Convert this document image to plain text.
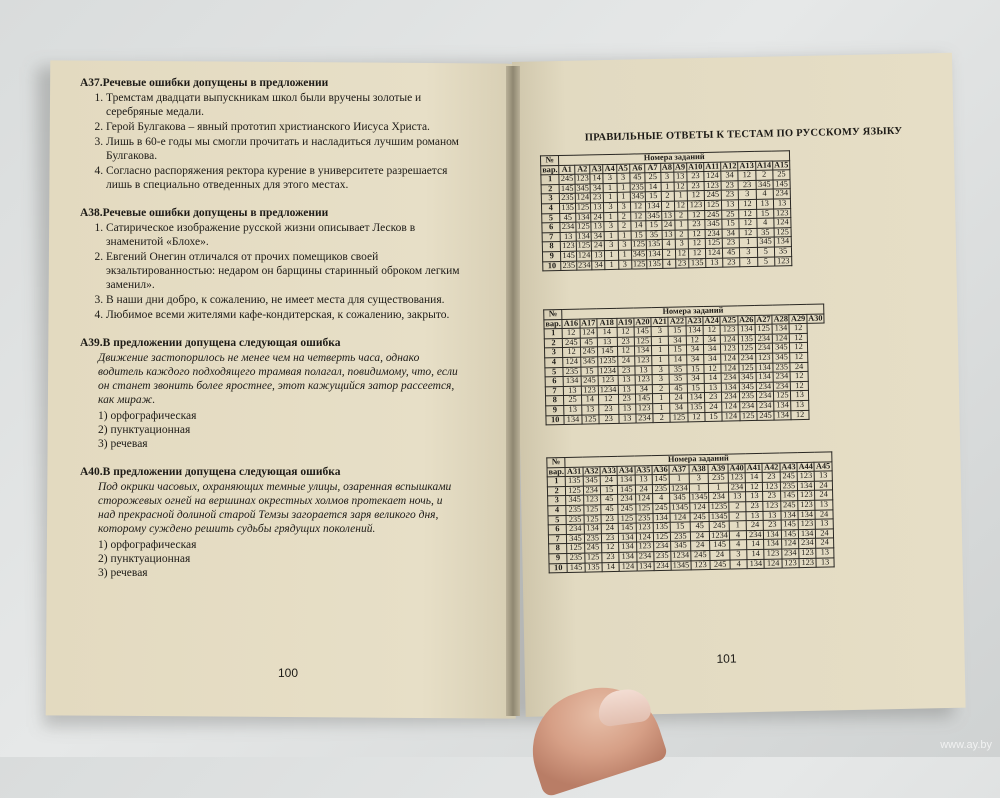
А37.Речевые ошибки допущены в предложении
1. Тремстам двадцати выпускникам школ были вручены золотые и серебряные медали.
2. Герой Булгакова – явный прототип христианского Иисуса Христа.
3. Лишь в 60-е годы мы смогли прочитать и насладиться лучшим романом Булгакова.
4. Согласно распоряжения ректора курение в университете разрешается лишь в специально отведенных для этого местах.
А38.Речевые ошибки допущены в предложении
1. Сатирическое изображение русской жизни описывает Лесков в знаменитой «Блохе».
2. Евгений Онегин отличался от прочих помещиков своей экзальтированностью: недаром он барщины старинный оброком легким заменил».
3. В наши дни добро, к сожалению, не имеет места для существования.
4. Любимое всеми жителями кафе-кондитерская, к сожалению, закрыто.
А39.В предложении допущена следующая ошибка
Движение застопорилось не менее чем на четверть часа, однако водитель каждого подходящего трамвая полагал, повидимому, что, если он станет звонить более яростнее, этот кажущийся затор рассеется, как мираж.
1) орфографическая
2) пунктуационная
3) речевая
А40.В предложении допущена следующая ошибка
Под окрики часовых, охраняющих темные улицы, озаренная вспышками сторожевых огней на вершинах окрестных холмов протекает ночь, и над прекрасной долиной старой Темзы загорается заря великого дня, которому суждено решить судьбы грядущих поколений.
1) орфографическая
2) пунктуационная
3) речевая
100
ПРАВИЛЬНЫЕ ОТВЕТЫ К ТЕСТАМ ПО РУССКОМУ ЯЗЫКУ
№	Номера заданий														
вар.	А1	А2	А3	А4	А5	А6	А7	А8	А9	А10	А11	А12	А13	А14	А15
1	245	123	14	3	3	45	25	3	13	23	124	34	12	2	25
2	145	345	34	1	1	235	14	1	12	23	123	23	23	345	145
3	235	124	23	1	1	345	15	2	1	12	245	23	3	4	234
4	135	125	13	3	3	12	134	2	12	123	125	13	12	13	13
5	45	134	24	1	2	12	345	13	2	12	245	25	12	15	123
6	234	125	13	3	2	14	15	24	1	23	345	15	12	4	124
7	13	134	34	1	1	15	35	13	2	12	234	34	12	35	125
8	123	125	24	3	3	125	135	4	3	12	125	23	1	345	134
9	145	124	13	1	1	345	134	2	12	12	124	45	3	5	35
10	235	234	34	1	3	125	135	4	23	135	13	23	3	5	123
№	Номера заданий														
вар.	А16	А17	А18	А19	А20	А21	А22	А23	А24	А25	А26	А27	А28	А29	А30
1	12	124	14	12	145	3	15	134	12	123	134	125	134	12	
2	245	45	13	23	125	1	34	12	34	124	135	234	124	12	
3	12	245	145	12	134	1	15	34	34	123	125	234	345	12	
4	124	345	1235	24	123	1	14	34	34	124	234	123	345	12	
5	235	15	1234	23	13	3	35	15	12	124	125	134	235	24	
6	134	245	123	13	123	3	35	34	14	234	345	134	234	12	
7	13	123	1234	13	34	2	45	15	13	134	345	234	234	12	
8	25	14	12	23	145	1	24	134	23	234	235	234	125	13	
9	13	13	23	13	123	1	34	135	24	124	234	234	134	13	
10	134	125	23	13	234	2	125	12	15	124	125	245	134	12	
№	Номера заданий														
вар.	А31	А32	А33	А34	А35	А36	А37	А38	А39	А40	А41	А42	А43	А44	А45
1	135	345	24	134	13	145	1	3	235	123	14	23	245	123	13
2	125	234	15	145	24	235	1234	1	1	234	12	123	235	134	24
3	345	123	45	234	124	4	345	1345	234	13	13	23	145	123	24
4	235	125	45	245	125	245	1345	124	1235	2	23	123	245	123	13
5	235	125	23	125	235	134	124	245	1345	2	13	13	134	134	24
6	234	134	24	145	123	135	15	45	245	1	24	23	145	123	13
7	345	235	23	134	124	125	235	24	1234	4	234	134	145	134	24
8	125	245	12	134	123	234	345	24	145	4	14	134	124	234	24
9	235	125	23	134	234	235	1234	245	24	3	14	123	234	123	13
10	145	135	14	124	134	234	1345	123	245	4	134	124	123	123	13
101
www.ay.by
